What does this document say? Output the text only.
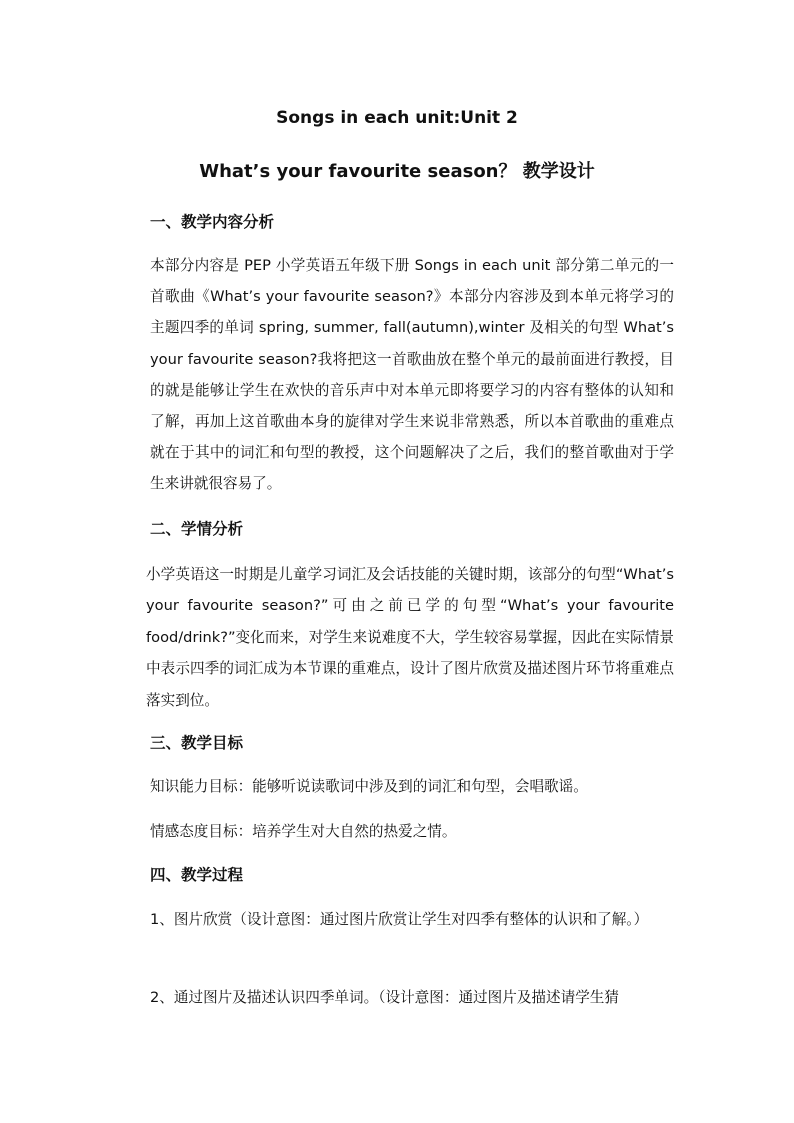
Songs in each unit:Unit 2
What’s your favourite season？ 教学设计
一、教学内容分析
本部分内容是 PEP 小学英语五年级下册 Songs in each unit 部分第二单元的一首歌曲《What’s your favourite season?》本部分内容涉及到本单元将学习的主题四季的单词 spring, summer, fall(autumn),winter 及相关的句型 What’s your favourite season?我将把这一首歌曲放在整个单元的最前面进行教授，目的就是能够让学生在欢快的音乐声中对本单元即将要学习的内容有整体的认知和了解，再加上这首歌曲本身的旋律对学生来说非常熟悉，所以本首歌曲的重难点就在于其中的词汇和句型的教授，这个问题解决了之后，我们的整首歌曲对于学生来讲就很容易了。
二、学情分析
小学英语这一时期是儿童学习词汇及会话技能的关键时期，该部分的句型“What’s your favourite season?”可由之前已学的句型“What’s your favourite food/drink?”变化而来，对学生来说难度不大，学生较容易掌握，因此在实际情景中表示四季的词汇成为本节课的重难点，设计了图片欣赏及描述图片环节将重难点落实到位。
三、教学目标
知识能力目标：能够听说读歌词中涉及到的词汇和句型，会唱歌谣。
情感态度目标：培养学生对大自然的热爱之情。
四、教学过程
1、图片欣赏（设计意图：通过图片欣赏让学生对四季有整体的认识和了解。）
2、通过图片及描述认识四季单词。（设计意图：通过图片及描述请学生猜
